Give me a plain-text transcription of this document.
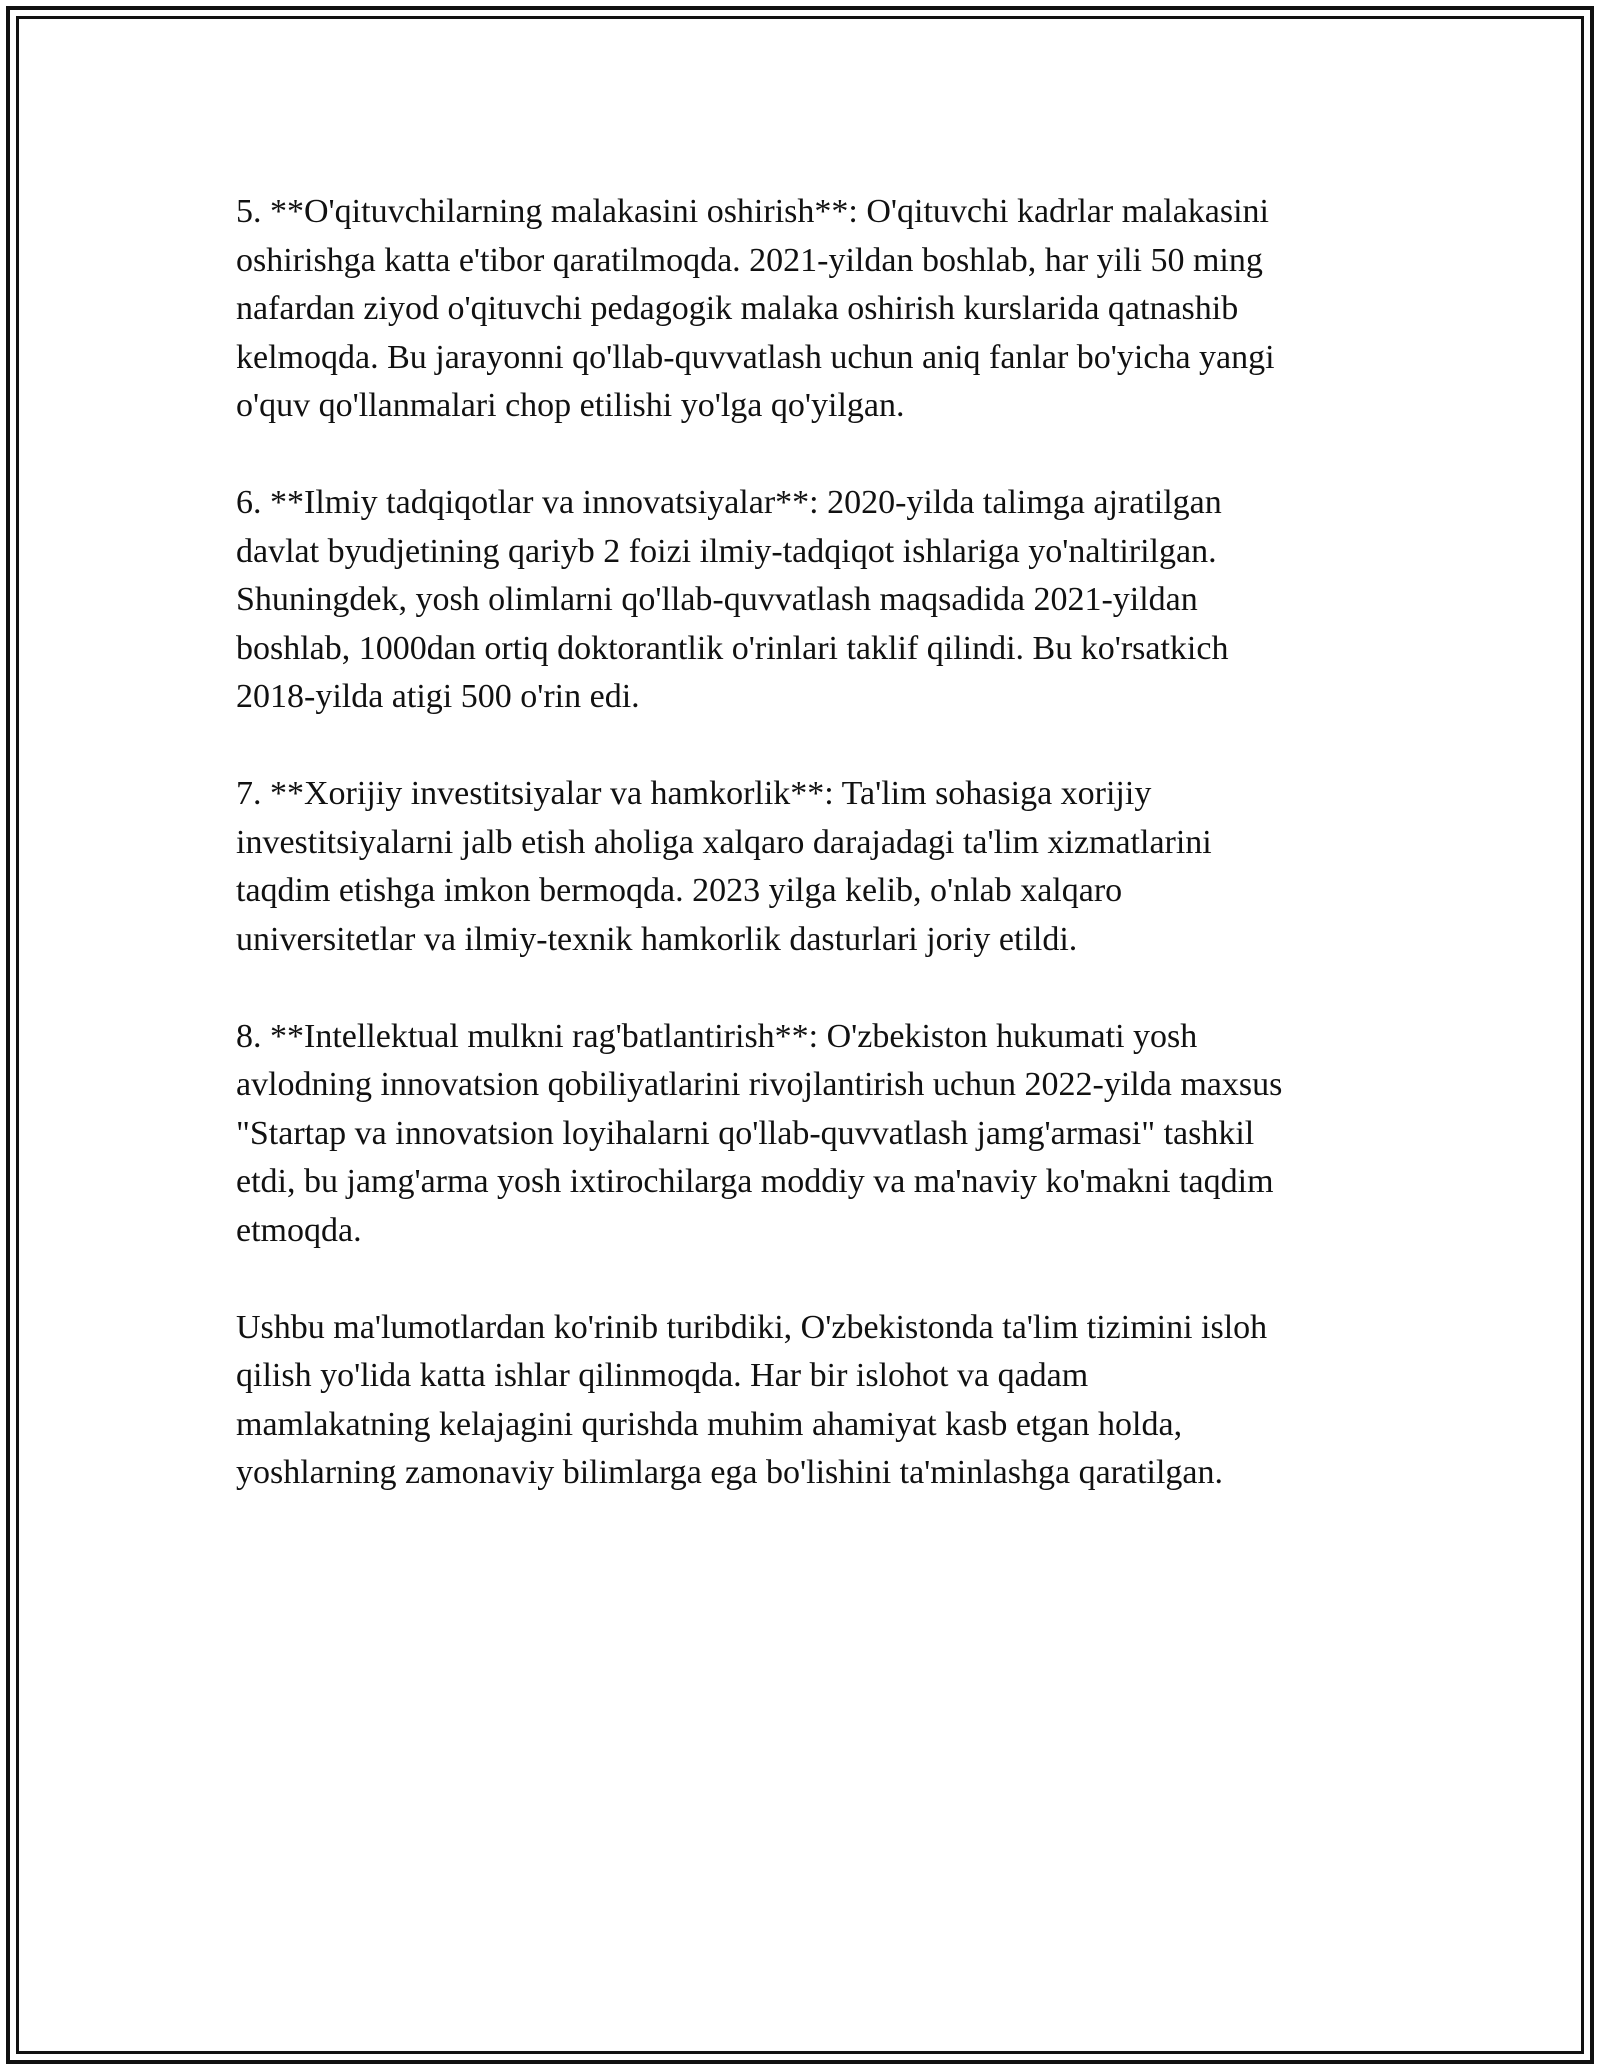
5. **O'qituvchilarning malakasini oshirish**: O'qituvchi kadrlar malakasini
oshirishga katta e'tibor qaratilmoqda. 2021-yildan boshlab, har yili 50 ming
nafardan ziyod o'qituvchi pedagogik malaka oshirish kurslarida qatnashib
kelmoqda. Bu jarayonni qo'llab-quvvatlash uchun aniq fanlar bo'yicha yangi
o'quv qo'llanmalari chop etilishi yo'lga qo'yilgan.

6. **Ilmiy tadqiqotlar va innovatsiyalar**: 2020-yilda talimga ajratilgan
davlat byudjetining qariyb 2 foizi ilmiy-tadqiqot ishlariga yo'naltirilgan.
Shuningdek, yosh olimlarni qo'llab-quvvatlash maqsadida 2021-yildan
boshlab, 1000dan ortiq doktorantlik o'rinlari taklif qilindi. Bu ko'rsatkich
2018-yilda atigi 500 o'rin edi.

7. **Xorijiy investitsiyalar va hamkorlik**: Ta'lim sohasiga xorijiy
investitsiyalarni jalb etish aholiga xalqaro darajadagi ta'lim xizmatlarini
taqdim etishga imkon bermoqda. 2023 yilga kelib, o'nlab xalqaro
universitetlar va ilmiy-texnik hamkorlik dasturlari joriy etildi.

8. **Intellektual mulkni rag'batlantirish**: O'zbekiston hukumati yosh
avlodning innovatsion qobiliyatlarini rivojlantirish uchun 2022-yilda maxsus
"Startap va innovatsion loyihalarni qo'llab-quvvatlash jamg'armasi" tashkil
etdi, bu jamg'arma yosh ixtirochilarga moddiy va ma'naviy ko'makni taqdim
etmoqda.

Ushbu ma'lumotlardan ko'rinib turibdiki, O'zbekistonda ta'lim tizimini isloh
qilish yo'lida katta ishlar qilinmoqda. Har bir islohot va qadam
mamlakatning kelajagini qurishda muhim ahamiyat kasb etgan holda,
yoshlarning zamonaviy bilimlarga ega bo'lishini ta'minlashga qaratilgan.
